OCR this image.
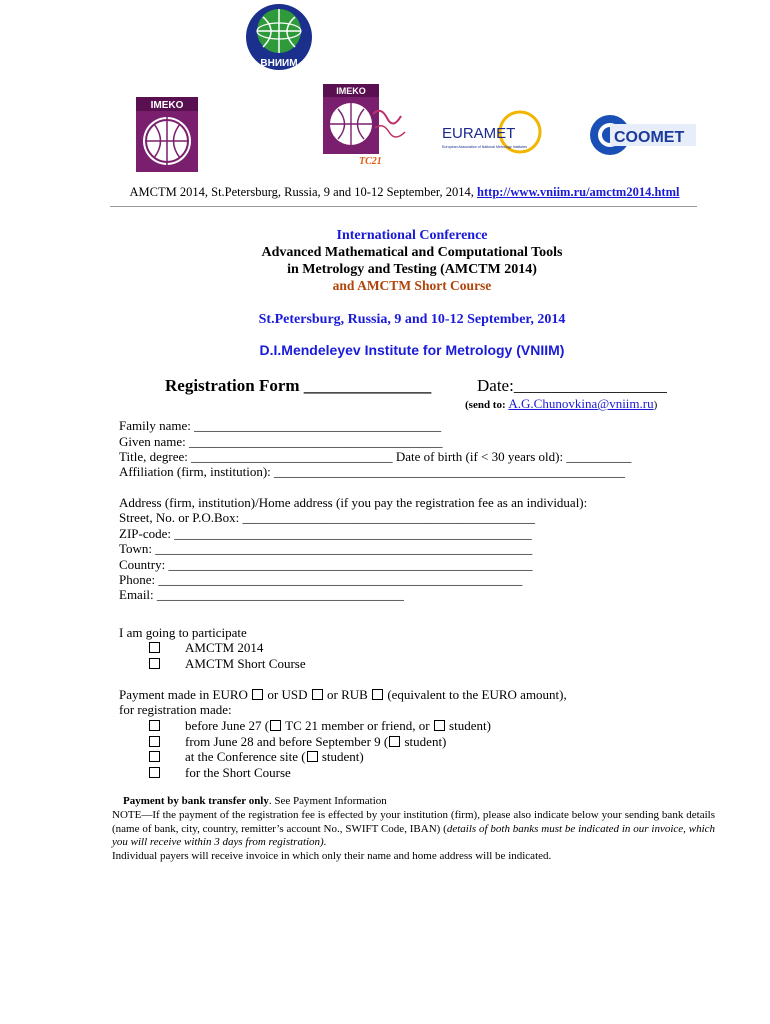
ВНИИМ
1842
IMEKO
IMEKO
TC21
EURAMET
European Association of National Metrology Institutes
COOMET
AMCTM 2014, St.Petersburg, Russia, 9 and 10-12 September, 2014, http://www.vniim.ru/amctm2014.html
International Conference
Advanced Mathematical and Computational Tools
in Metrology and Testing (AMCTM 2014)
and AMCTM Short Course
St.Petersburg, Russia, 9 and 10-12 September, 2014
D.I.Mendeleyev Institute for Metrology (VNIIM)
Registration Form _______________	Date:__________________
(send to: A.G.Chunovkina@vniim.ru)
Family name: ______________________________________
Given name: _______________________________________
Title, degree: _______________________________ Date of birth (if < 30 years old): __________
Affiliation (firm, institution): ______________________________________________________
Address (firm, institution)/Home address (if you pay the registration fee as an individual):
Street, No. or P.O.Box: _____________________________________________
ZIP-code: _______________________________________________________
Town: __________________________________________________________
Country: ________________________________________________________
Phone: ________________________________________________________
Email: ______________________________________
I am going to participate
AMCTM 2014
AMCTM Short Course
Payment made in EURO  or USD  or RUB  (equivalent to the EURO amount),
for registration made:
before June 27 ( TC 21 member or friend, or  student)
from June 28 and before September 9 ( student)
at the Conference site ( student)
for the Short Course
Payment by bank transfer only. See Payment Information
NOTE—If the payment of the registration fee is effected by your institution (firm), please also indicate below your sending bank details (name of bank, city, country, remitter’s account No., SWIFT Code, IBAN) (details of both banks must be indicated in our invoice, which you will receive within 3 days from registration).
Individual payers will receive invoice in which only their name and home address will be indicated.
